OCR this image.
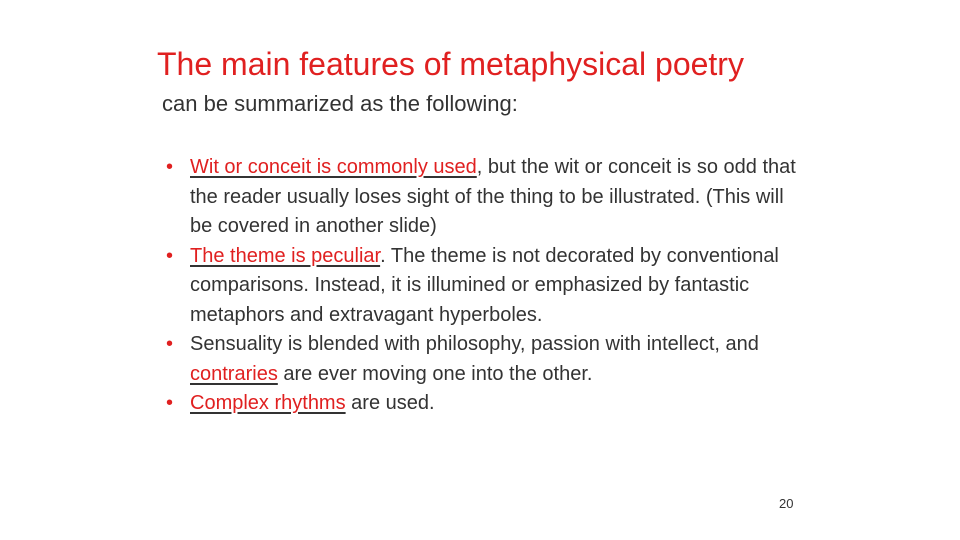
The main features of metaphysical poetry
can be summarized as the following:
• Wit or conceit is commonly used, but the wit or conceit is so odd that the reader usually loses sight of the thing to be illustrated. (This will be covered in another slide)
• The theme is peculiar. The theme is not decorated by conventional comparisons. Instead, it is illumined or emphasized by fantastic metaphors and extravagant hyperboles.
• Sensuality is blended with philosophy, passion with intellect, and contraries are ever moving one into the other.
• Complex rhythms are used.
20
